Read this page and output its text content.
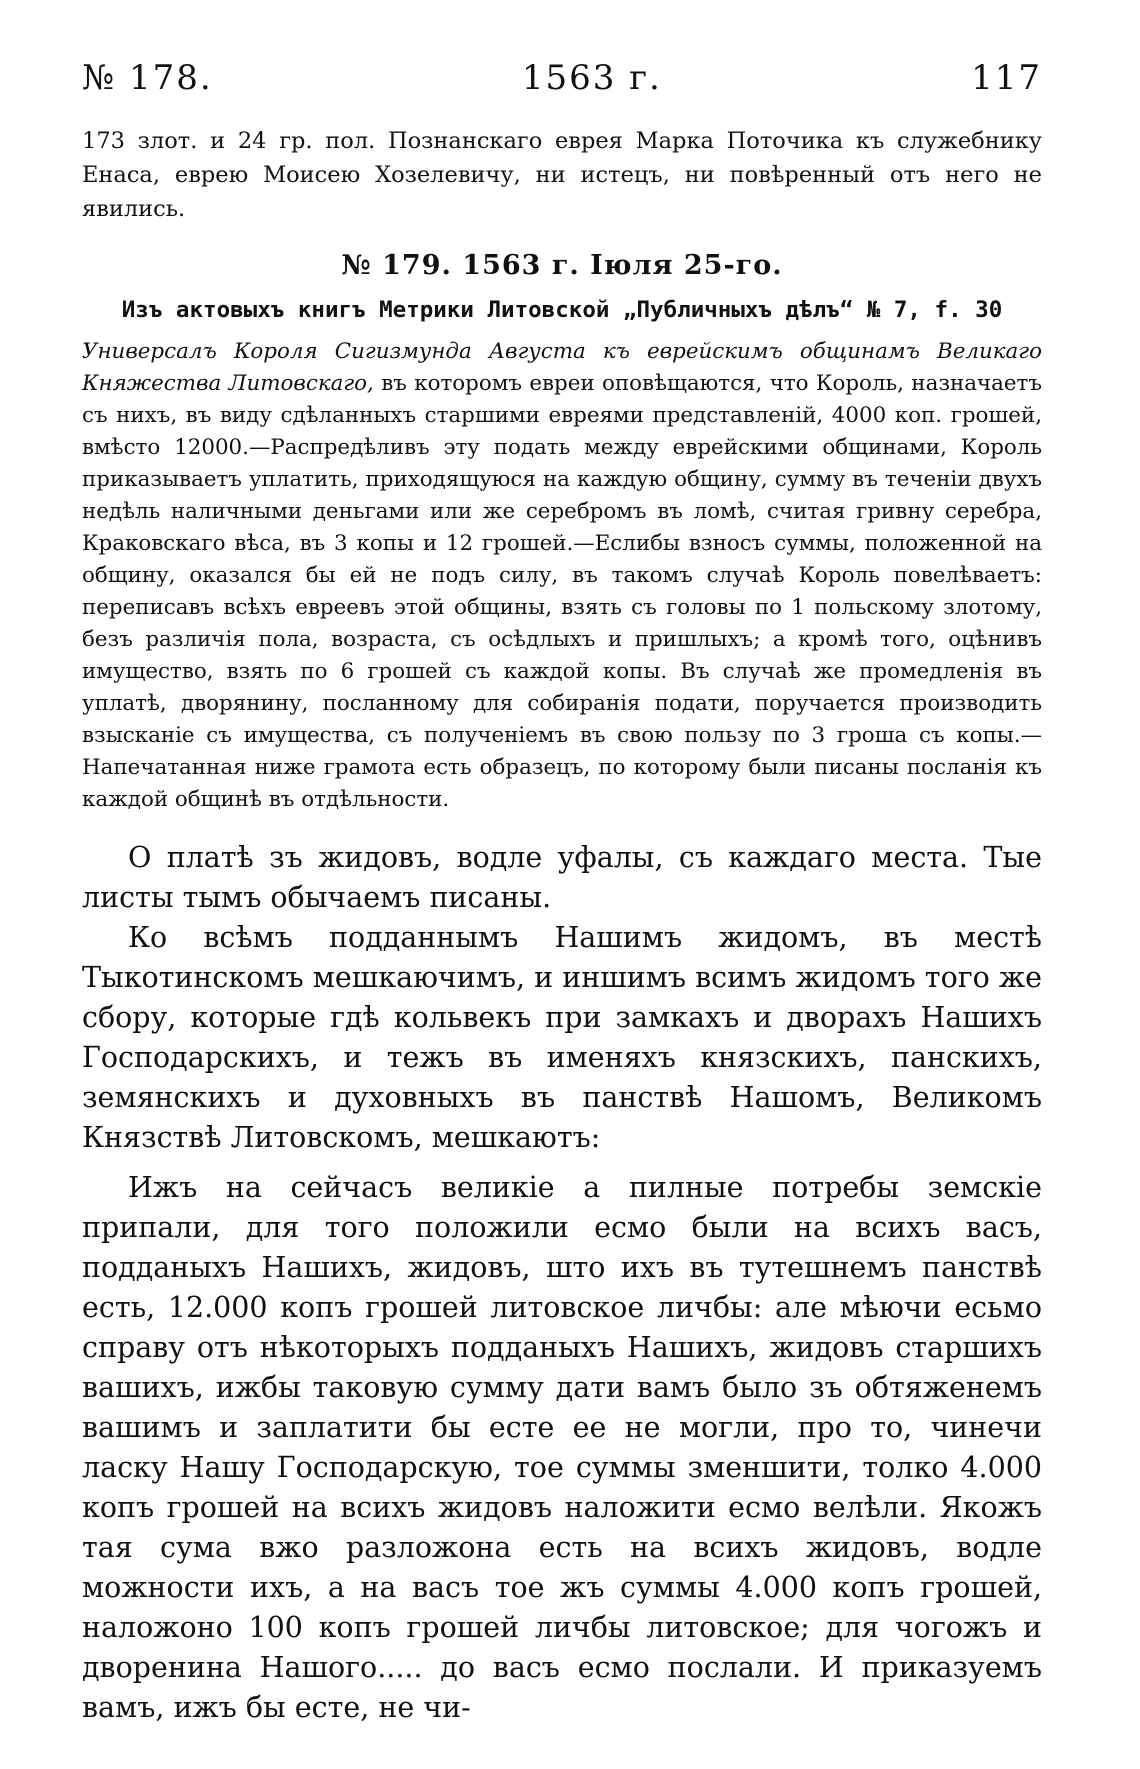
№ 178.	1563 г.	117

173 злот. и 24 гр. пол. Познанскаго еврея Марка Поточика къ служебнику Енаса, еврею Моисею Хозелевичу, ни истецъ, ни повѣренный отъ него не явились.

№ 179. 1563 г. Іюля 25-го.
Изъ актовыхъ книгъ Метрики Литовской „Публичныхъ дѣлъ“ № 7, f. 30

Универсалъ Короля Сигизмунда Августа къ еврейскимъ общинамъ Великаго Княжества Литовскаго, въ которомъ евреи оповѣщаются, что Король, назначаетъ съ нихъ, въ виду сдѣланныхъ старшими евреями представленій, 4000 коп. грошей, вмѣсто 12000.—Распредѣливъ эту подать между еврейскими общинами, Король приказываетъ уплатить, приходящуюся на каждую общину, сумму въ теченіи двухъ недѣль наличными деньгами или же серебромъ въ ломѣ, считая гривну серебра, Краковскаго вѣса, въ 3 копы и 12 грошей.—Еслибы взносъ суммы, положенной на общину, оказался бы ей не подъ силу, въ такомъ случаѣ Король повелѣваетъ: переписавъ всѣхъ евреевъ этой общины, взять съ головы по 1 польскому злотому, безъ различія пола, возраста, съ осѣдлыхъ и пришлыхъ; а кромѣ того, оцѣнивъ имущество, взять по 6 грошей съ каждой копы. Въ случаѣ же промедленія въ уплатѣ, дворянину, посланному для собиранія подати, поручается производить взысканіе съ имущества, съ полученіемъ въ свою пользу по 3 гроша съ копы.—Напечатанная ниже грамота есть образецъ, по которому были писаны посланія къ каждой общинѣ въ отдѣльности.

О платѣ зъ жидовъ, водле уфалы, съ каждаго места. Тые листы тымъ обычаемъ писаны.

Ко всѣмъ подданнымъ Нашимъ жидомъ, въ местѣ Тыкотинскомъ мешкаючимъ, и иншимъ всимъ жидомъ того же сбору, которые гдѣ кольвекъ при замкахъ и дворахъ Нашихъ Господарскихъ, и тежъ въ именяхъ князскихъ, панскихъ, земянскихъ и духовныхъ въ панствѣ Нашомъ, Великомъ Князствѣ Литовскомъ, мешкаютъ:

Ижъ на сейчасъ великіе а пилные потребы земскіе припали, для того положили есмо были на всихъ васъ, подданыхъ Нашихъ, жидовъ, што ихъ въ тутешнемъ панствѣ есть, 12.000 копъ грошей литовское личбы: але мѣючи есьмо справу отъ нѣкоторыхъ подданыхъ Нашихъ, жидовъ старшихъ вашихъ, ижбы таковую сумму дати вамъ было зъ обтяженемъ вашимъ и заплатити бы есте ее не могли, про то, чинечи ласку Нашу Господарскую, тое суммы зменшити, толко 4.000 копъ грошей на всихъ жидовъ наложити есмо велѣли. Якожъ тая сума вжо разложона есть на всихъ жидовъ, водле можности ихъ, а на васъ тое жъ суммы 4.000 копъ грошей, наложоно 100 копъ грошей личбы литовское; для чогожъ и дворенина Нашого..... до васъ есмо послали. И приказуемъ вамъ, ижъ бы есте, не чи-
